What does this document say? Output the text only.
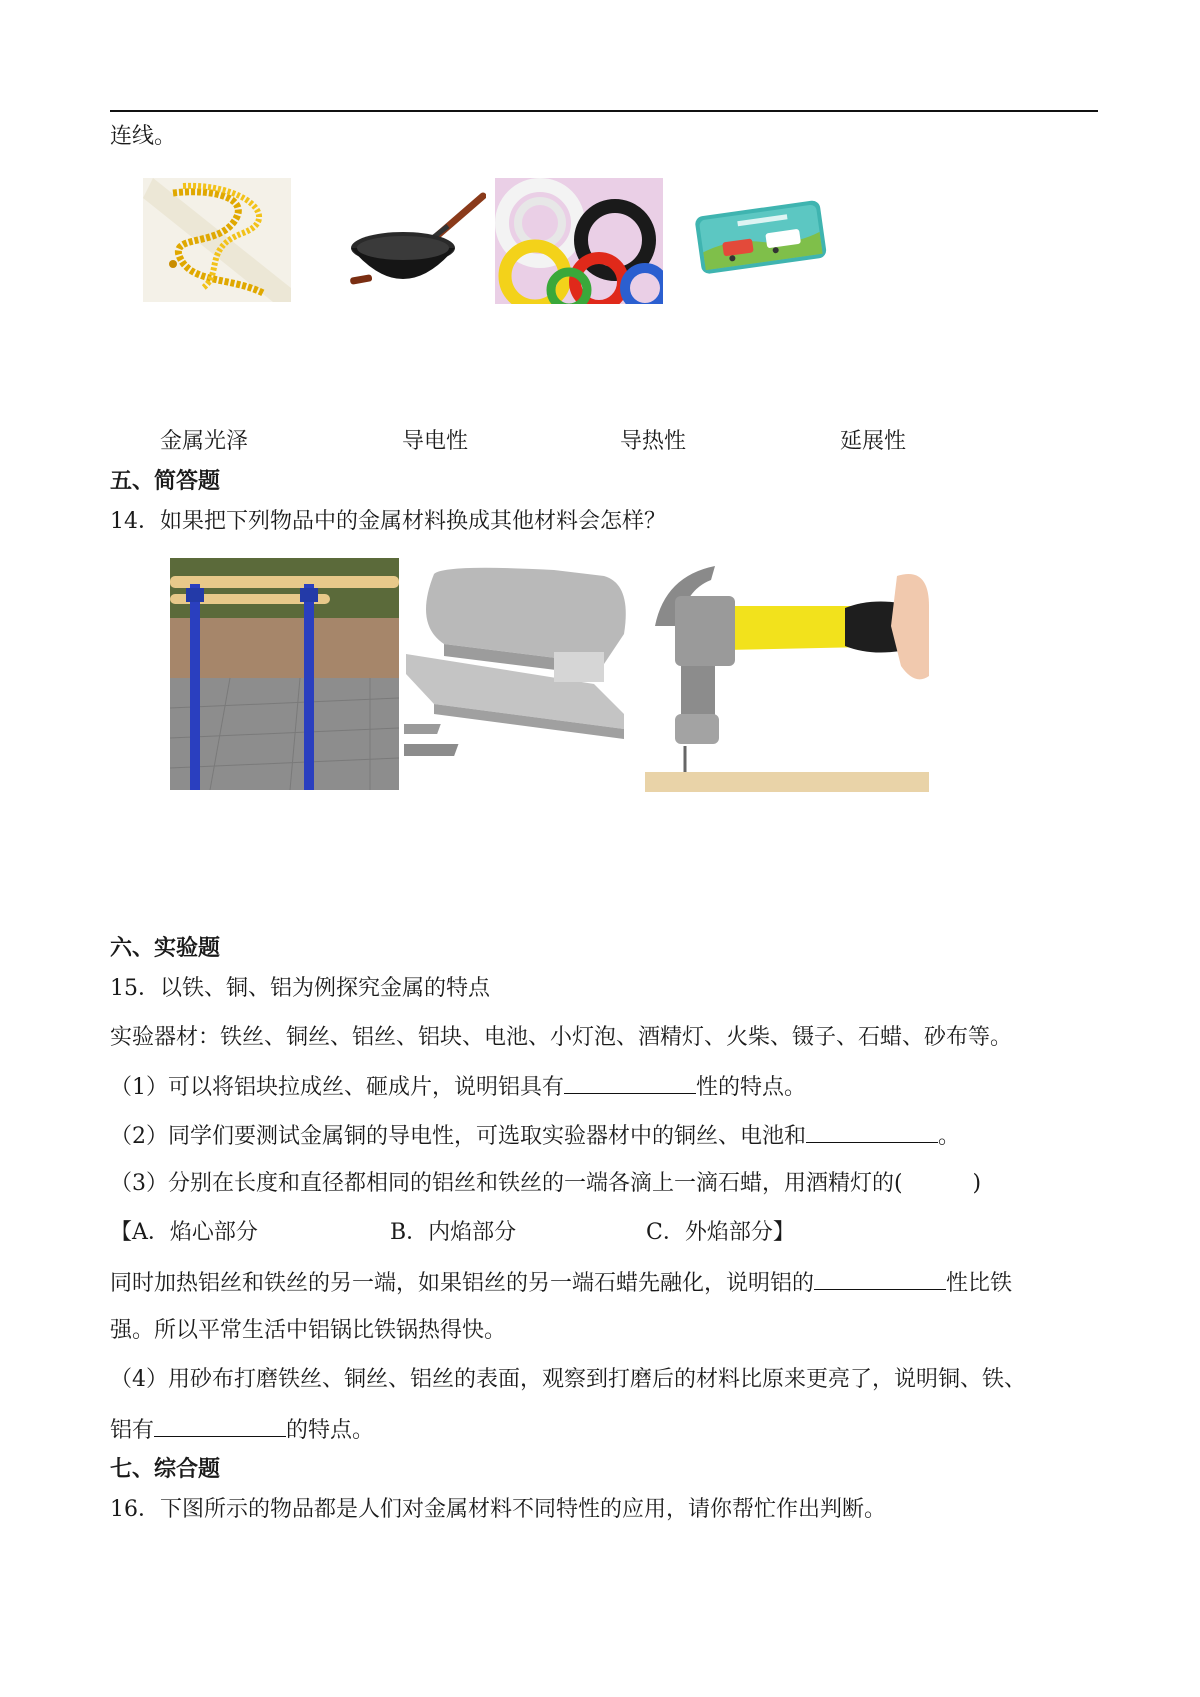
连线。
金属光泽	导电性	导热性	延展性
五、简答题
14．如果把下列物品中的金属材料换成其他材料会怎样？
六、实验题
15．以铁、铜、铝为例探究金属的特点
实验器材：铁丝、铜丝、铝丝、铝块、电池、小灯泡、酒精灯、火柴、镊子、石蜡、砂布等。
（1）可以将铝块拉成丝、砸成片，说明铝具有	性的特点。
（2）同学们要测试金属铜的导电性，可选取实验器材中的铜丝、电池和	。
（3）分别在长度和直径都相同的铝丝和铁丝的一端各滴上一滴石蜡，用酒精灯的(          )
【A．焰心部分	B．内焰部分	C．外焰部分】
同时加热铝丝和铁丝的另一端，如果铝丝的另一端石蜡先融化，说明铝的	性比铁
强。所以平常生活中铝锅比铁锅热得快。
（4）用砂布打磨铁丝、铜丝、铝丝的表面，观察到打磨后的材料比原来更亮了，说明铜、铁、
铝有	的特点。
七、综合题
16．下图所示的物品都是人们对金属材料不同特性的应用，请你帮忙作出判断。
